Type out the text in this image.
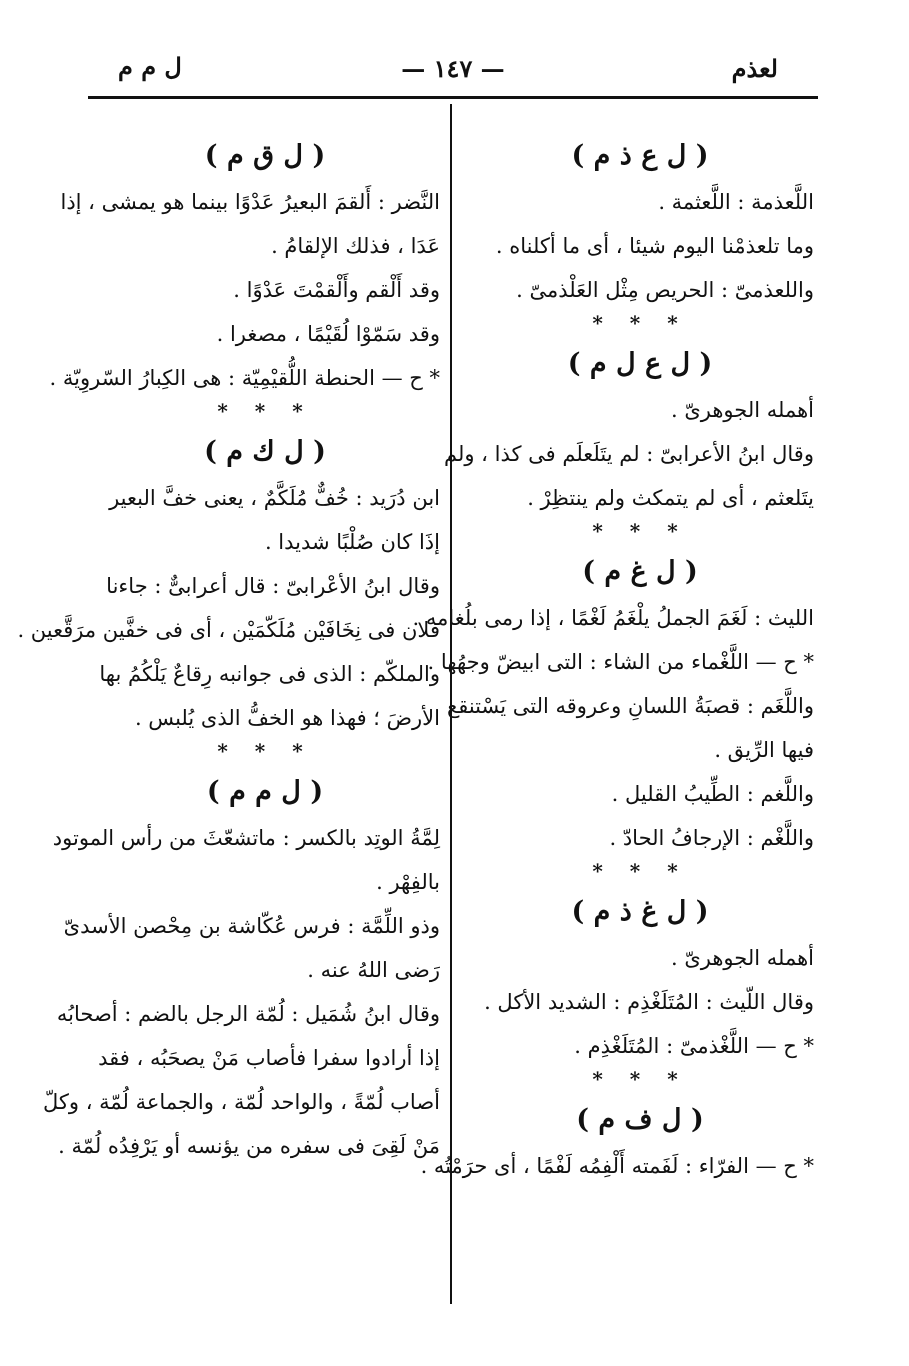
لعذم
— ١٤٧ —
ل م م
( ل ع ذ م )
اللَّعذمة : اللَّعثمة .
وما تلعذمْنا اليوم شيئا ، أى ما أكلناه .
واللعذمىّ : الحريص مِثْل العَلْذمىّ .
* * *
( ل ع ل م )
أهمله الجوهرىّ .
وقال ابنُ الأعرابىّ : لم يتَلَعلَم فى كذا ، ولم
يتَلعثم ، أى لم يتمكث ولم ينتظِرْ .
* * *
( ل غ م )
الليث : لَغَمَ الجملُ يلْغَمُ لَغْمًا ، إذا رمى بلُغامه .
* ح — اللَّغْماء من الشاء : التى ابيضّ وجهُها .
واللَّغَم : قصبَةُ اللسانِ وعروقه التى يَسْتنقع
فيها الرِّيق .
واللَّغم : الطِّيبُ القليل .
واللَّغْم : الإرجافُ الحادّ .
* * *
( ل غ ذ م )
أهمله الجوهرىّ .
وقال اللّيث : المُتَلَغْذِم : الشديد الأكل .
* ح — اللَّغْذمىّ : المُتَلَغْذِم .
* * *
( ل ف م )
* ح — الفرّاء : لَفَمته أَلْفِمُه لَفْمًا ، أى حرَمْتُه .
( ل ق م )
النَّضر : أَلقمَ البعيرُ عَدْوًا بينما هو يمشى ، إذا
عَدَا ، فذلك الإلقامُ .
وقد أَلْقم وأَلْقمْتَ عَدْوًا .
وقد سَمّوْا لُقَيْمًا ، مصغرا .
* ح — الحنطة اللُّقيْمِيّة : هى الكِبارُ السّروِيّة .
* * *
( ل ك م )
ابن دُرَيد : خُفٌّ مُلَكَّمٌ ، يعنى خفَّ البعير
إذَا كان صُلْبًا شديدا .
وقال ابنُ الأعْرابىّ : قال أعرابىٌّ : جاءنا
فلان فى نِخَافَيْن مُلَكّمَيْن ، أى فى خفَّين مرَقَّعين .
والملكّم : الذى فى جوانبه رِقاعٌ يَلْكُمُ بها
الأرضَ ؛ فهذا هو الخفُّ الذى يُلبس .
* * *
( ل م م )
لِمَّةُ الوتِد بالكسر : ماتشعّثَ من رأس الموتود
بالفِهْر .
وذو اللِّمَّة : فرس عُكّاشة بن مِحْصن الأسدىّ
رَضى اللهُ عنه .
وقال ابنُ شُمَيل : لُمّة الرجل بالضم : أصحابُه
إذا أرادوا سفرا فأصاب مَنْ يصحَبُه ، فقد
أصاب لُمّةً ، والواحد لُمّة ، والجماعة لُمّة ، وكلّ
مَنْ لَقِىَ فى سفره من يؤنسه أو يَرْفِدُه لُمّة .
